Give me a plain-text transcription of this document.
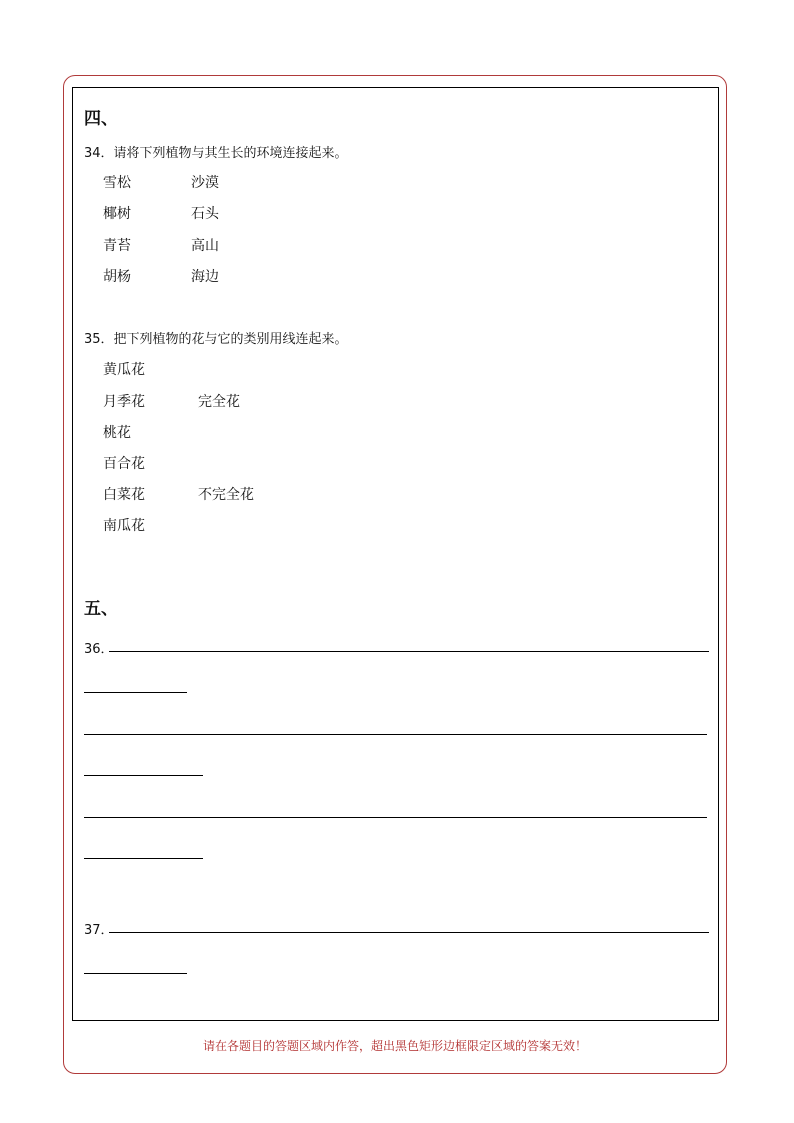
四、
34．请将下列植物与其生长的环境连接起来。
雪松
椰树
青苔
胡杨
沙漠
石头
高山
海边
35．把下列植物的花与它的类别用线连起来。
黄瓜花
月季花
桃花
百合花
白菜花
南瓜花
完全花
不完全花
五、
36．
37．
请在各题目的答题区域内作答，超出黑色矩形边框限定区域的答案无效！
